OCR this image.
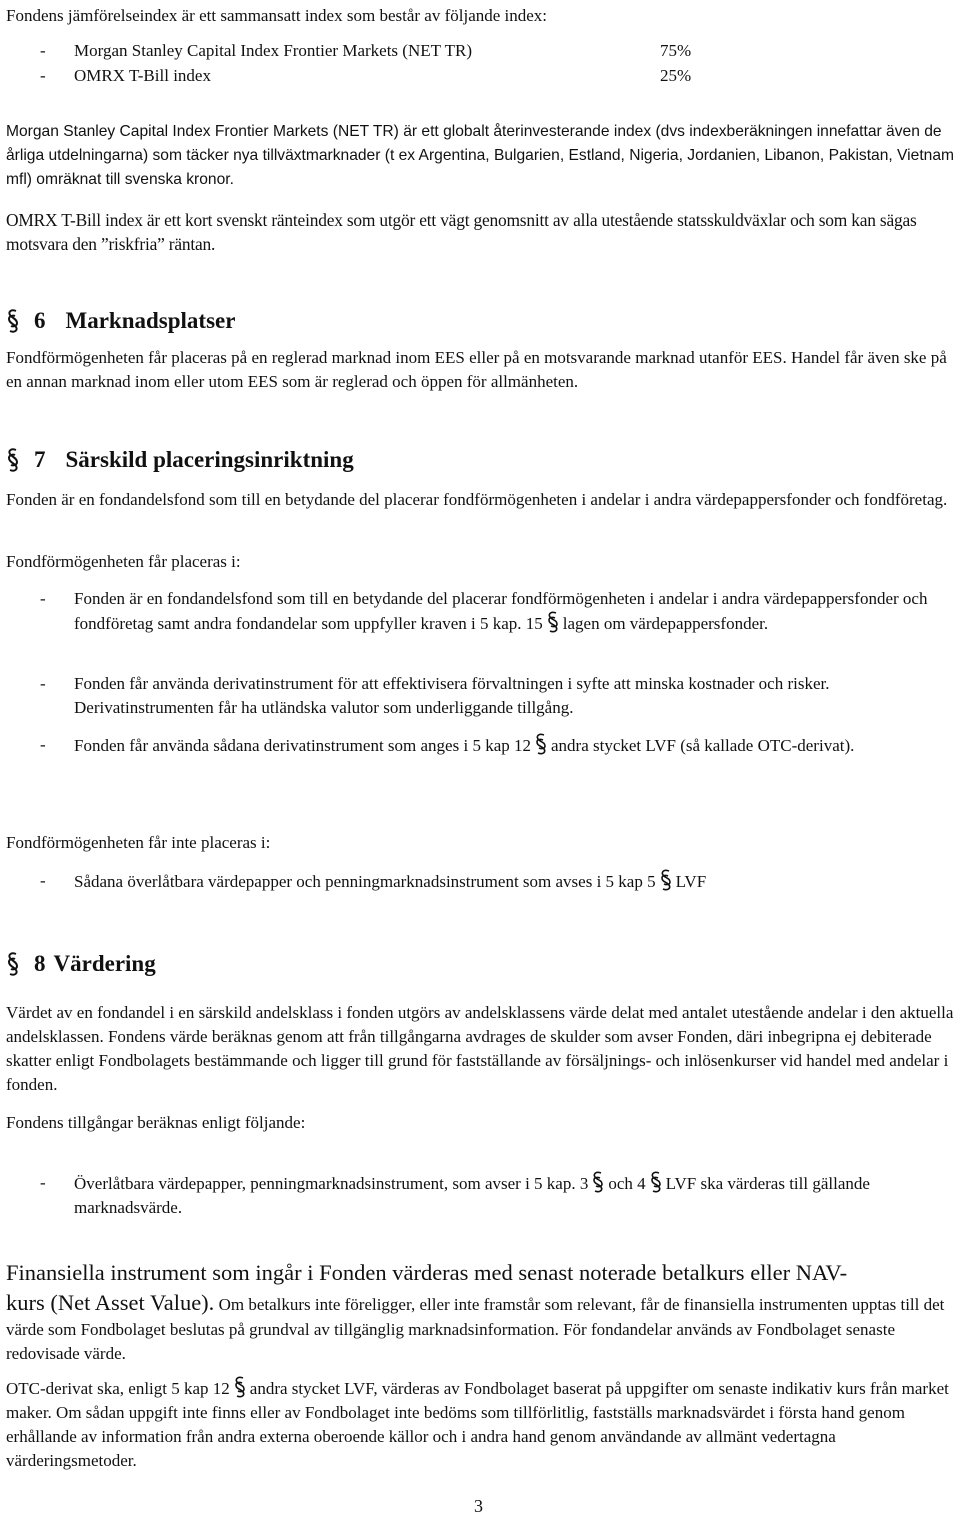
Fondens jämförelseindex är ett sammansatt index som består av följande index:

-	Morgan Stanley Capital Index Frontier Markets (NET TR)	75%
-	OMRX T-Bill index	25%

Morgan Stanley Capital Index Frontier Markets (NET TR) är ett globalt återinvesterande index (dvs indexberäkningen innefattar även de årliga utdelningarna) som täcker nya tillväxtmarknader (t ex Argentina, Bulgarien, Estland, Nigeria, Jordanien, Libanon, Pakistan, Vietnam mfl) omräknat till svenska kronor.

OMRX T-Bill index är ett kort svenskt ränteindex som utgör ett vägt genomsnitt av alla utestående statsskuldväxlar och som kan sägas motsvara den ”riskfria” räntan.

6 Marknadsplatser

Fondförmögenheten får placeras på en reglerad marknad inom EES eller på en motsvarande marknad utanför EES. Handel får även ske på en annan marknad inom eller utom EES som är reglerad och öppen för allmänheten.

7 Särskild placeringsinriktning

Fonden är en fondandelsfond som till en betydande del placerar fondförmögenheten i andelar i andra värdepappersfonder och fondföretag.

Fondförmögenheten får placeras i:

-	Fonden är en fondandelsfond som till en betydande del placerar fondförmögenheten i andelar i andra värdepappersfonder och fondföretag samt andra fondandelar som uppfyller kraven i 5 kap. 15 lagen om värdepappersfonder.
-	Fonden får använda derivatinstrument för att effektivisera förvaltningen i syfte att minska kostnader och risker. Derivatinstrumenten får ha utländska valutor som underliggande tillgång.
-	Fonden får använda sådana derivatinstrument som anges i 5 kap 12 andra stycket LVF (så kallade OTC-derivat).

Fondförmögenheten får inte placeras i:

-	Sådana överlåtbara värdepapper och penningmarknadsinstrument som avses i 5 kap 5 LVF
8 Värdering

Värdet av en fondandel i en särskild andelsklass i fonden utgörs av andelsklassens värde delat med antalet utestående andelar i den aktuella andelsklassen. Fondens värde beräknas genom att från tillgångarna avdrages de skulder som avser Fonden, däri inbegripna ej debiterade skatter enligt Fondbolagets bestämmande och ligger till grund för fastställande av försäljnings- och inlösenkurser vid handel med andelar i fonden.

Fondens tillgångar beräknas enligt följande:

-	Överlåtbara värdepapper, penningmarknadsinstrument, som avser i 5 kap. 3 och 4 LVF ska värderas till gällande marknadsvärde.

Finansiella instrument som ingår i Fonden värderas med senast noterade betalkurs eller NAV-
kurs (Net Asset Value). Om betalkurs inte föreligger, eller inte framstår som relevant, får de finansiella instrumenten upptas till det värde som Fondbolaget beslutas på grundval av tillgänglig marknadsinformation. För fondandelar används av Fondbolaget senaste redovisade värde.

OTC-derivat ska, enligt 5 kap 12 andra stycket LVF, värderas av Fondbolaget baserat på uppgifter om senaste indikativ kurs från market maker. Om sådan uppgift inte finns eller av Fondbolaget inte bedöms som tillförlitlig, fastställs marknadsvärdet i första hand genom erhållande av information från andra externa oberoende källor och i andra hand genom användande av allmänt vedertagna värderingsmetoder.

3
